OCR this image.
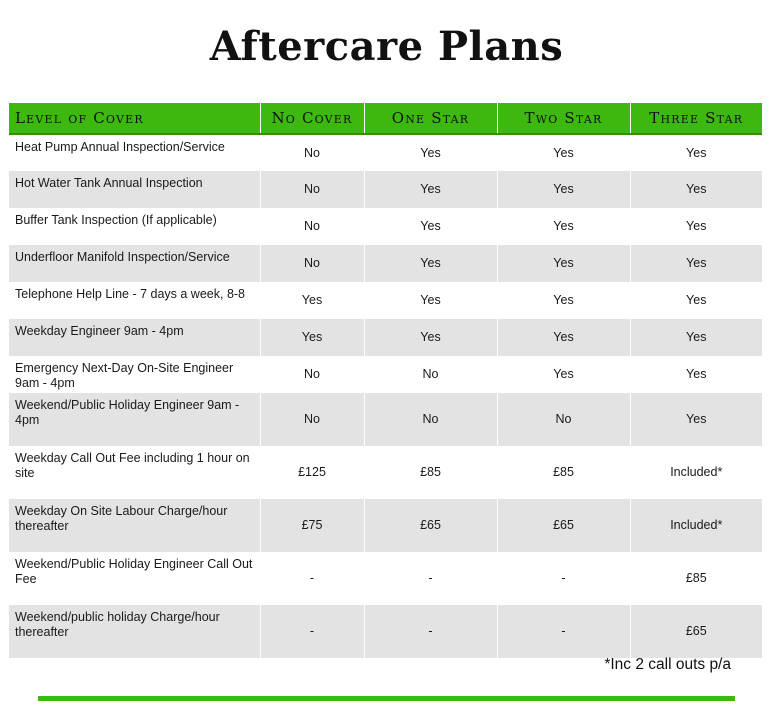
Aftercare Plans
Level of Cover	No Cover	One Star	Two Star	Three Star
Heat Pump Annual Inspection/Service	No	Yes	Yes	Yes
Hot Water Tank Annual Inspection	No	Yes	Yes	Yes
Buffer Tank Inspection (If applicable)	No	Yes	Yes	Yes
Underfloor Manifold Inspection/Service	No	Yes	Yes	Yes
Telephone Help Line - 7 days a week, 8-8	Yes	Yes	Yes	Yes
Weekday Engineer 9am - 4pm	Yes	Yes	Yes	Yes
Emergency Next-Day On-Site Engineer 9am - 4pm	No	No	Yes	Yes
Weekend/Public Holiday Engineer 9am - 4pm	No	No	No	Yes
Weekday Call Out Fee including 1 hour on site	£125	£85	£85	Included*
Weekday On Site Labour Charge/hour thereafter	£75	£65	£65	Included*
Weekend/Public Holiday Engineer Call Out Fee	-	-	-	£85
Weekend/public holiday Charge/hour thereafter	-	-	-	£65
*Inc 2 call outs p/a
